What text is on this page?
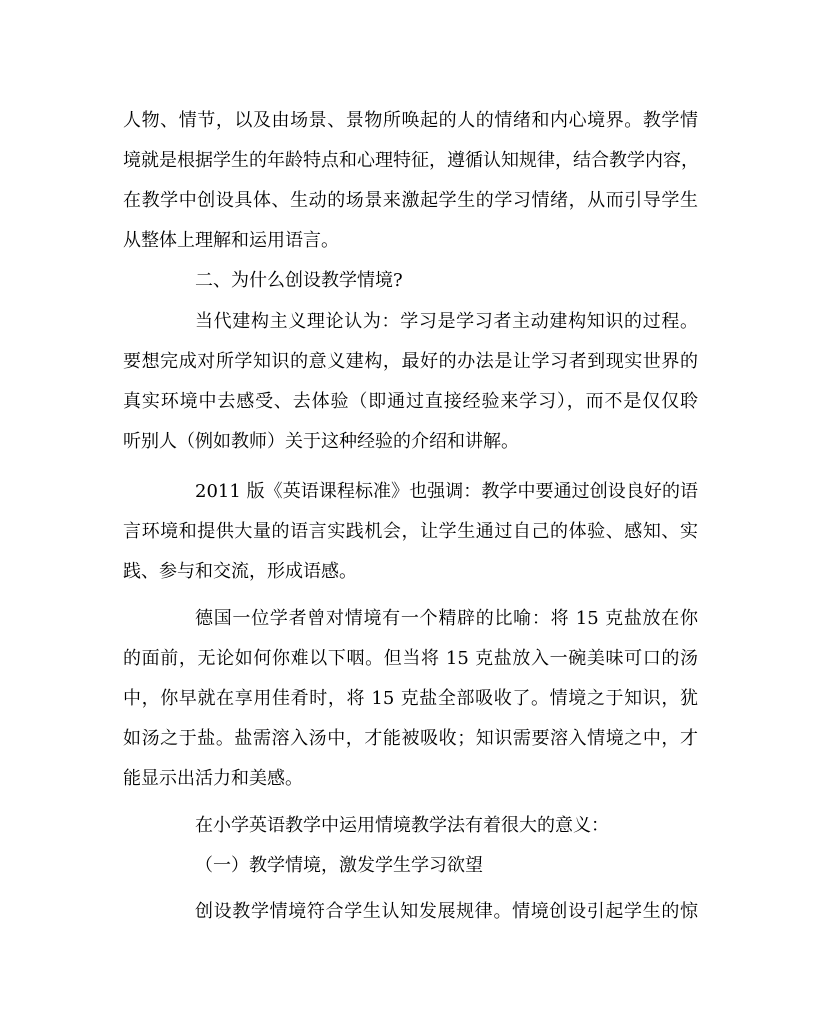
人物、情节，以及由场景、景物所唤起的人的情绪和内心境界。教学情
境就是根据学生的年龄特点和心理特征，遵循认知规律，结合教学内容，
在教学中创设具体、生动的场景来激起学生的学习情绪，从而引导学生
从整体上理解和运用语言。
二、为什么创设教学情境?
当代建构主义理论认为：学习是学习者主动建构知识的过程。
要想完成对所学知识的意义建构，最好的办法是让学习者到现实世界的
真实环境中去感受、去体验（即通过直接经验来学习），而不是仅仅聆
听别人（例如教师）关于这种经验的介绍和讲解。
2011 版《英语课程标准》也强调：教学中要通过创设良好的语
言环境和提供大量的语言实践机会，让学生通过自己的体验、感知、实
践、参与和交流，形成语感。
德国一位学者曾对情境有一个精辟的比喻：将 15 克盐放在你
的面前，无论如何你难以下咽。但当将 15 克盐放入一碗美味可口的汤
中，你早就在享用佳肴时，将 15 克盐全部吸收了。情境之于知识，犹
如汤之于盐。盐需溶入汤中，才能被吸收；知识需要溶入情境之中，才
能显示出活力和美感。
在小学英语教学中运用情境教学法有着很大的意义：
（一）教学情境，激发学生学习欲望
创设教学情境符合学生认知发展规律。情境创设引起学生的惊
